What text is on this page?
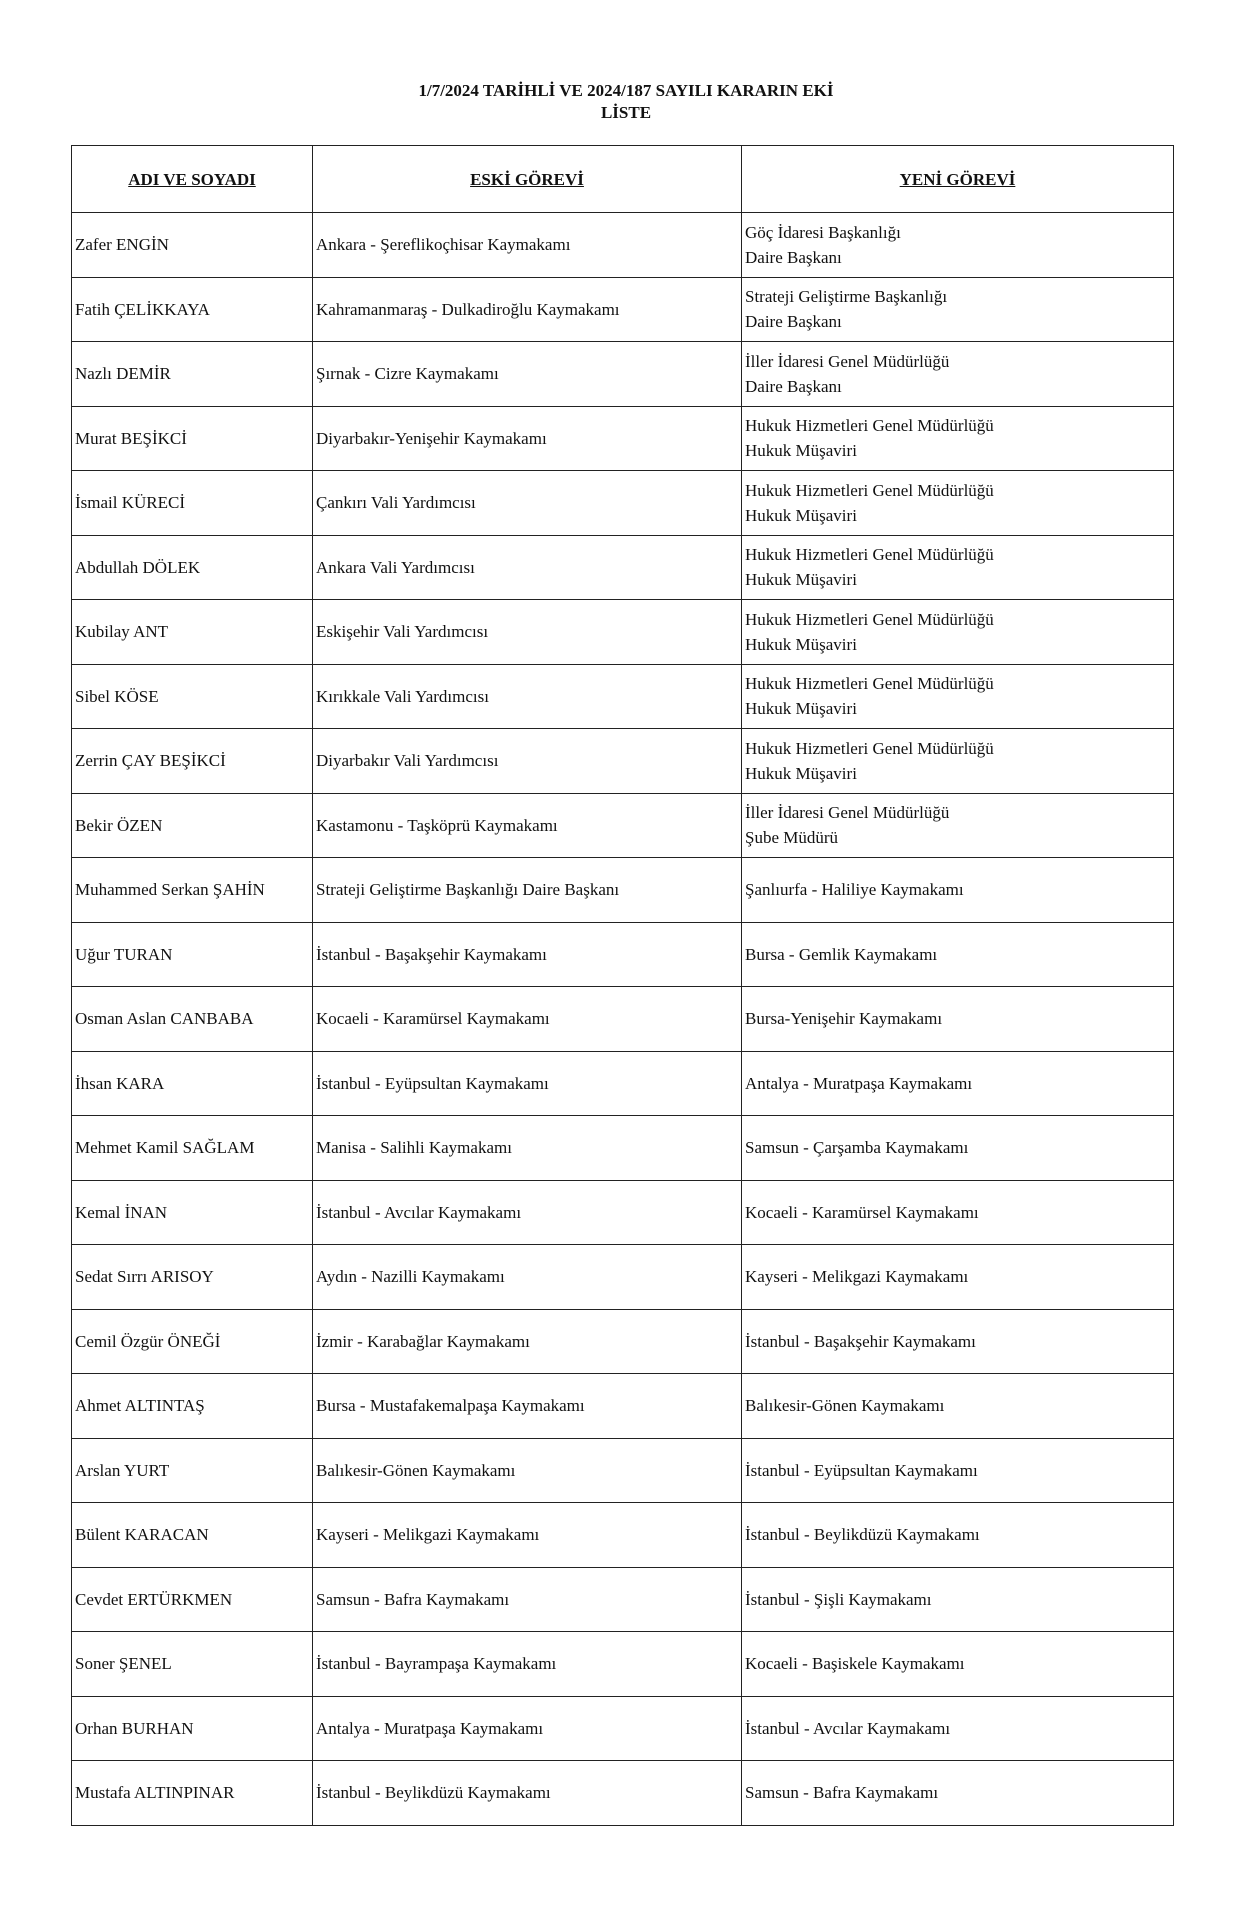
1/7/2024 TARİHLİ VE 2024/187 SAYILI KARARIN EKİ
LİSTE
ADI VE SOYADI	ESKİ GÖREVİ	YENİ GÖREVİ
Zafer ENGİN	Ankara - Şereflikoçhisar Kaymakamı	Göç İdaresi Başkanlığı
Daire Başkanı

Fatih ÇELİKKAYA	Kahramanmaraş - Dulkadiroğlu Kaymakamı	Strateji Geliştirme Başkanlığı
Daire Başkanı

Nazlı DEMİR	Şırnak - Cizre Kaymakamı	İller İdaresi Genel Müdürlüğü
Daire Başkanı

Murat BEŞİKCİ	Diyarbakır-Yenişehir Kaymakamı	Hukuk Hizmetleri Genel Müdürlüğü
Hukuk Müşaviri

İsmail KÜRECİ	Çankırı Vali Yardımcısı	Hukuk Hizmetleri Genel Müdürlüğü
Hukuk Müşaviri

Abdullah DÖLEK	Ankara Vali Yardımcısı	Hukuk Hizmetleri Genel Müdürlüğü
Hukuk Müşaviri

Kubilay ANT	Eskişehir Vali Yardımcısı	Hukuk Hizmetleri Genel Müdürlüğü
Hukuk Müşaviri

Sibel KÖSE	Kırıkkale Vali Yardımcısı	Hukuk Hizmetleri Genel Müdürlüğü
Hukuk Müşaviri

Zerrin ÇAY BEŞİKCİ	Diyarbakır Vali Yardımcısı	Hukuk Hizmetleri Genel Müdürlüğü
Hukuk Müşaviri

Bekir ÖZEN	Kastamonu - Taşköprü Kaymakamı	İller İdaresi Genel Müdürlüğü
Şube Müdürü

Muhammed Serkan ŞAHİN	Strateji Geliştirme Başkanlığı Daire Başkanı	Şanlıurfa - Haliliye Kaymakamı

Uğur TURAN	İstanbul - Başakşehir Kaymakamı	Bursa - Gemlik Kaymakamı

Osman Aslan CANBABA	Kocaeli - Karamürsel Kaymakamı	Bursa-Yenişehir Kaymakamı

İhsan KARA	İstanbul - Eyüpsultan Kaymakamı	Antalya - Muratpaşa Kaymakamı

Mehmet Kamil SAĞLAM	Manisa - Salihli Kaymakamı	Samsun - Çarşamba Kaymakamı

Kemal İNAN	İstanbul - Avcılar Kaymakamı	Kocaeli - Karamürsel Kaymakamı

Sedat Sırrı ARISOY	Aydın - Nazilli Kaymakamı	Kayseri - Melikgazi Kaymakamı

Cemil Özgür ÖNEĞİ	İzmir - Karabağlar Kaymakamı	İstanbul - Başakşehir Kaymakamı

Ahmet ALTINTAŞ	Bursa - Mustafakemalpaşa Kaymakamı	Balıkesir-Gönen Kaymakamı

Arslan YURT	Balıkesir-Gönen Kaymakamı	İstanbul - Eyüpsultan Kaymakamı

Bülent KARACAN	Kayseri - Melikgazi Kaymakamı	İstanbul - Beylikdüzü Kaymakamı

Cevdet ERTÜRKMEN	Samsun - Bafra Kaymakamı	İstanbul - Şişli Kaymakamı

Soner ŞENEL	İstanbul - Bayrampaşa Kaymakamı	Kocaeli - Başiskele Kaymakamı

Orhan BURHAN	Antalya - Muratpaşa Kaymakamı	İstanbul - Avcılar Kaymakamı

Mustafa ALTINPINAR	İstanbul - Beylikdüzü Kaymakamı	Samsun - Bafra Kaymakamı
